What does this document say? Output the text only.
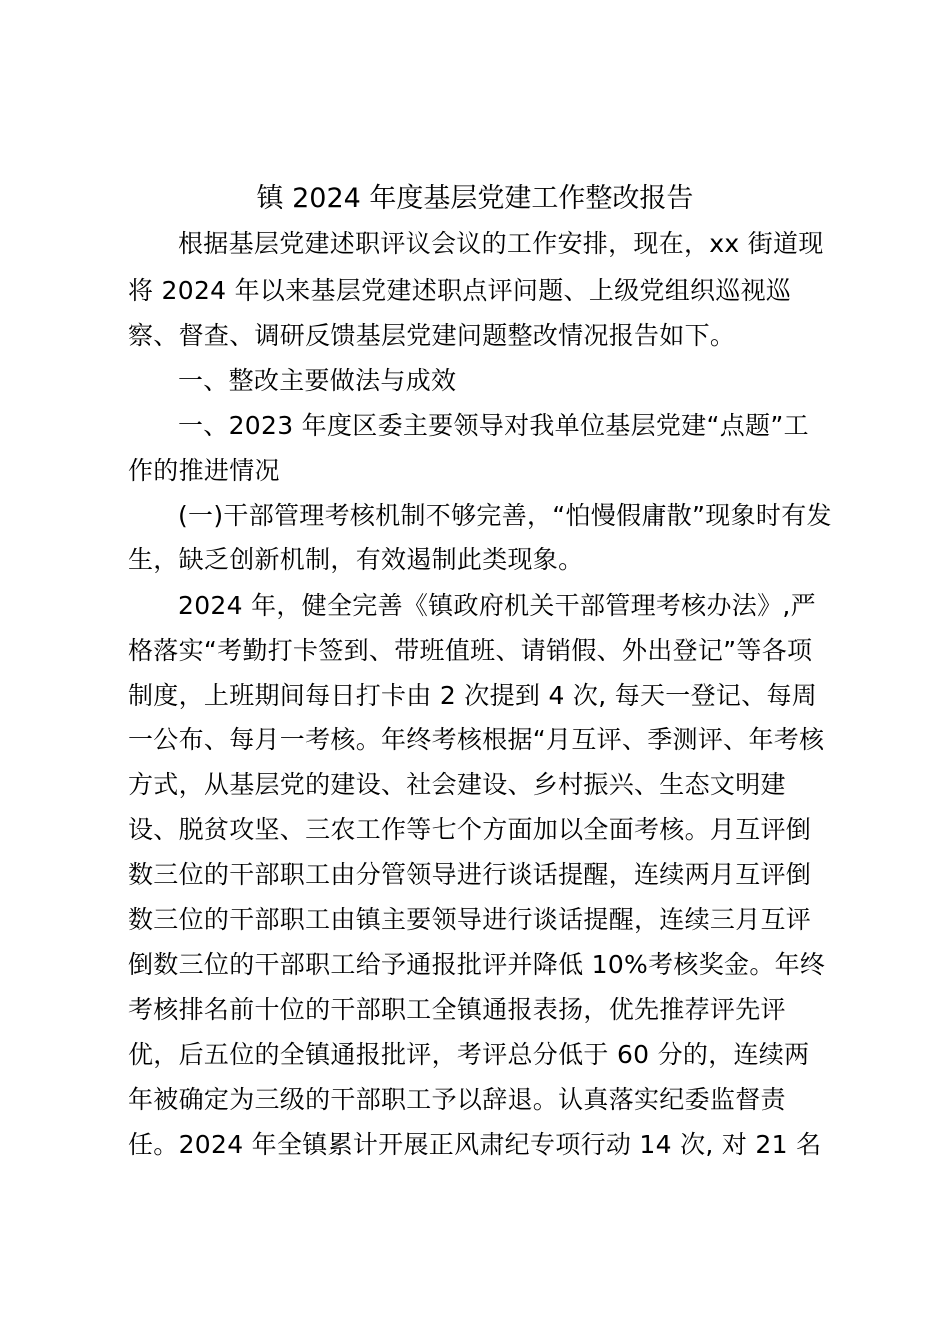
镇 2024 年度基层党建工作整改报告
根据基层党建述职评议会议的工作安排，现在，xx 街道现
将 2024 年以来基层党建述职点评问题、上级党组织巡视巡
察、督查、调研反馈基层党建问题整改情况报告如下。
一、整改主要做法与成效
一、2023 年度区委主要领导对我单位基层党建“点题”工
作的推进情况
(一)干部管理考核机制不够完善，“怕慢假庸散”现象时有发
生，缺乏创新机制，有效遏制此类现象。
2024 年，健全完善《镇政府机关干部管理考核办法》,严
格落实“考勤打卡签到、带班值班、请销假、外出登记”等各项
制度，上班期间每日打卡由 2 次提到 4 次, 每天一登记、每周
一公布、每月一考核。年终考核根据“月互评、季测评、年考核
方式，从基层党的建设、社会建设、乡村振兴、生态文明建
设、脱贫攻坚、三农工作等七个方面加以全面考核。月互评倒
数三位的干部职工由分管领导进行谈话提醒，连续两月互评倒
数三位的干部职工由镇主要领导进行谈话提醒，连续三月互评
倒数三位的干部职工给予通报批评并降低 10%考核奖金。年终
考核排名前十位的干部职工全镇通报表扬，优先推荐评先评
优，后五位的全镇通报批评，考评总分低于 60 分的，连续两
年被确定为三级的干部职工予以辞退。认真落实纪委监督责
任。2024 年全镇累计开展正风肃纪专项行动 14 次, 对 21 名
